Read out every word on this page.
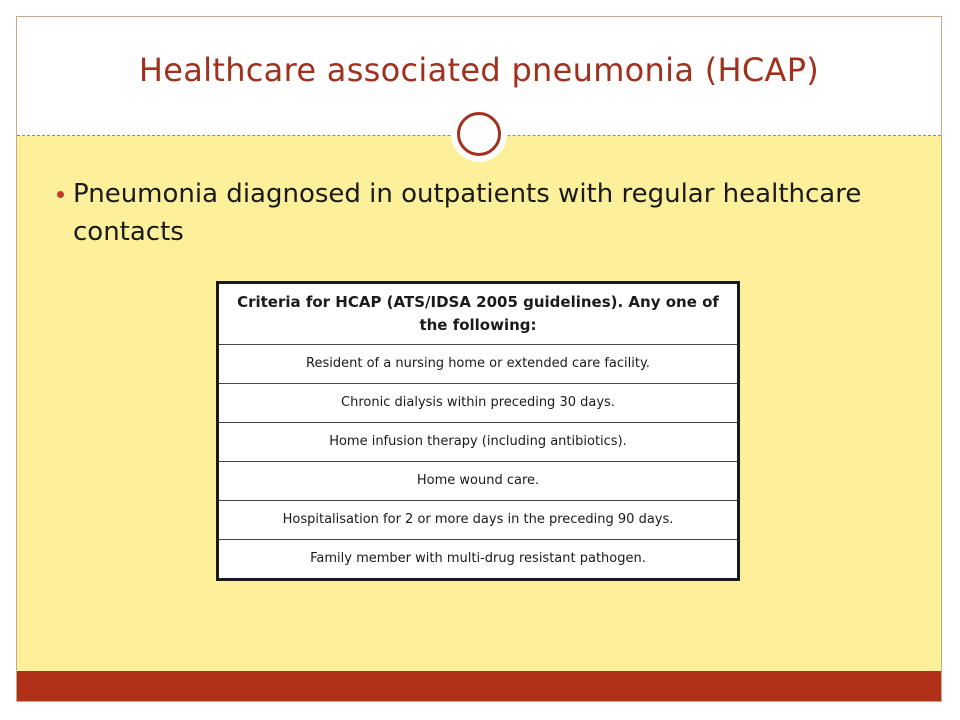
Healthcare associated pneumonia (HCAP)
Pneumonia diagnosed in outpatients with regular healthcare contacts
Criteria for HCAP (ATS/IDSA 2005 guidelines). Any one of the following:
Resident of a nursing home or extended care facility.
Chronic dialysis within preceding 30 days.
Home infusion therapy (including antibiotics).
Home wound care.
Hospitalisation for 2 or more days in the preceding 90 days.
Family member with multi-drug resistant pathogen.
